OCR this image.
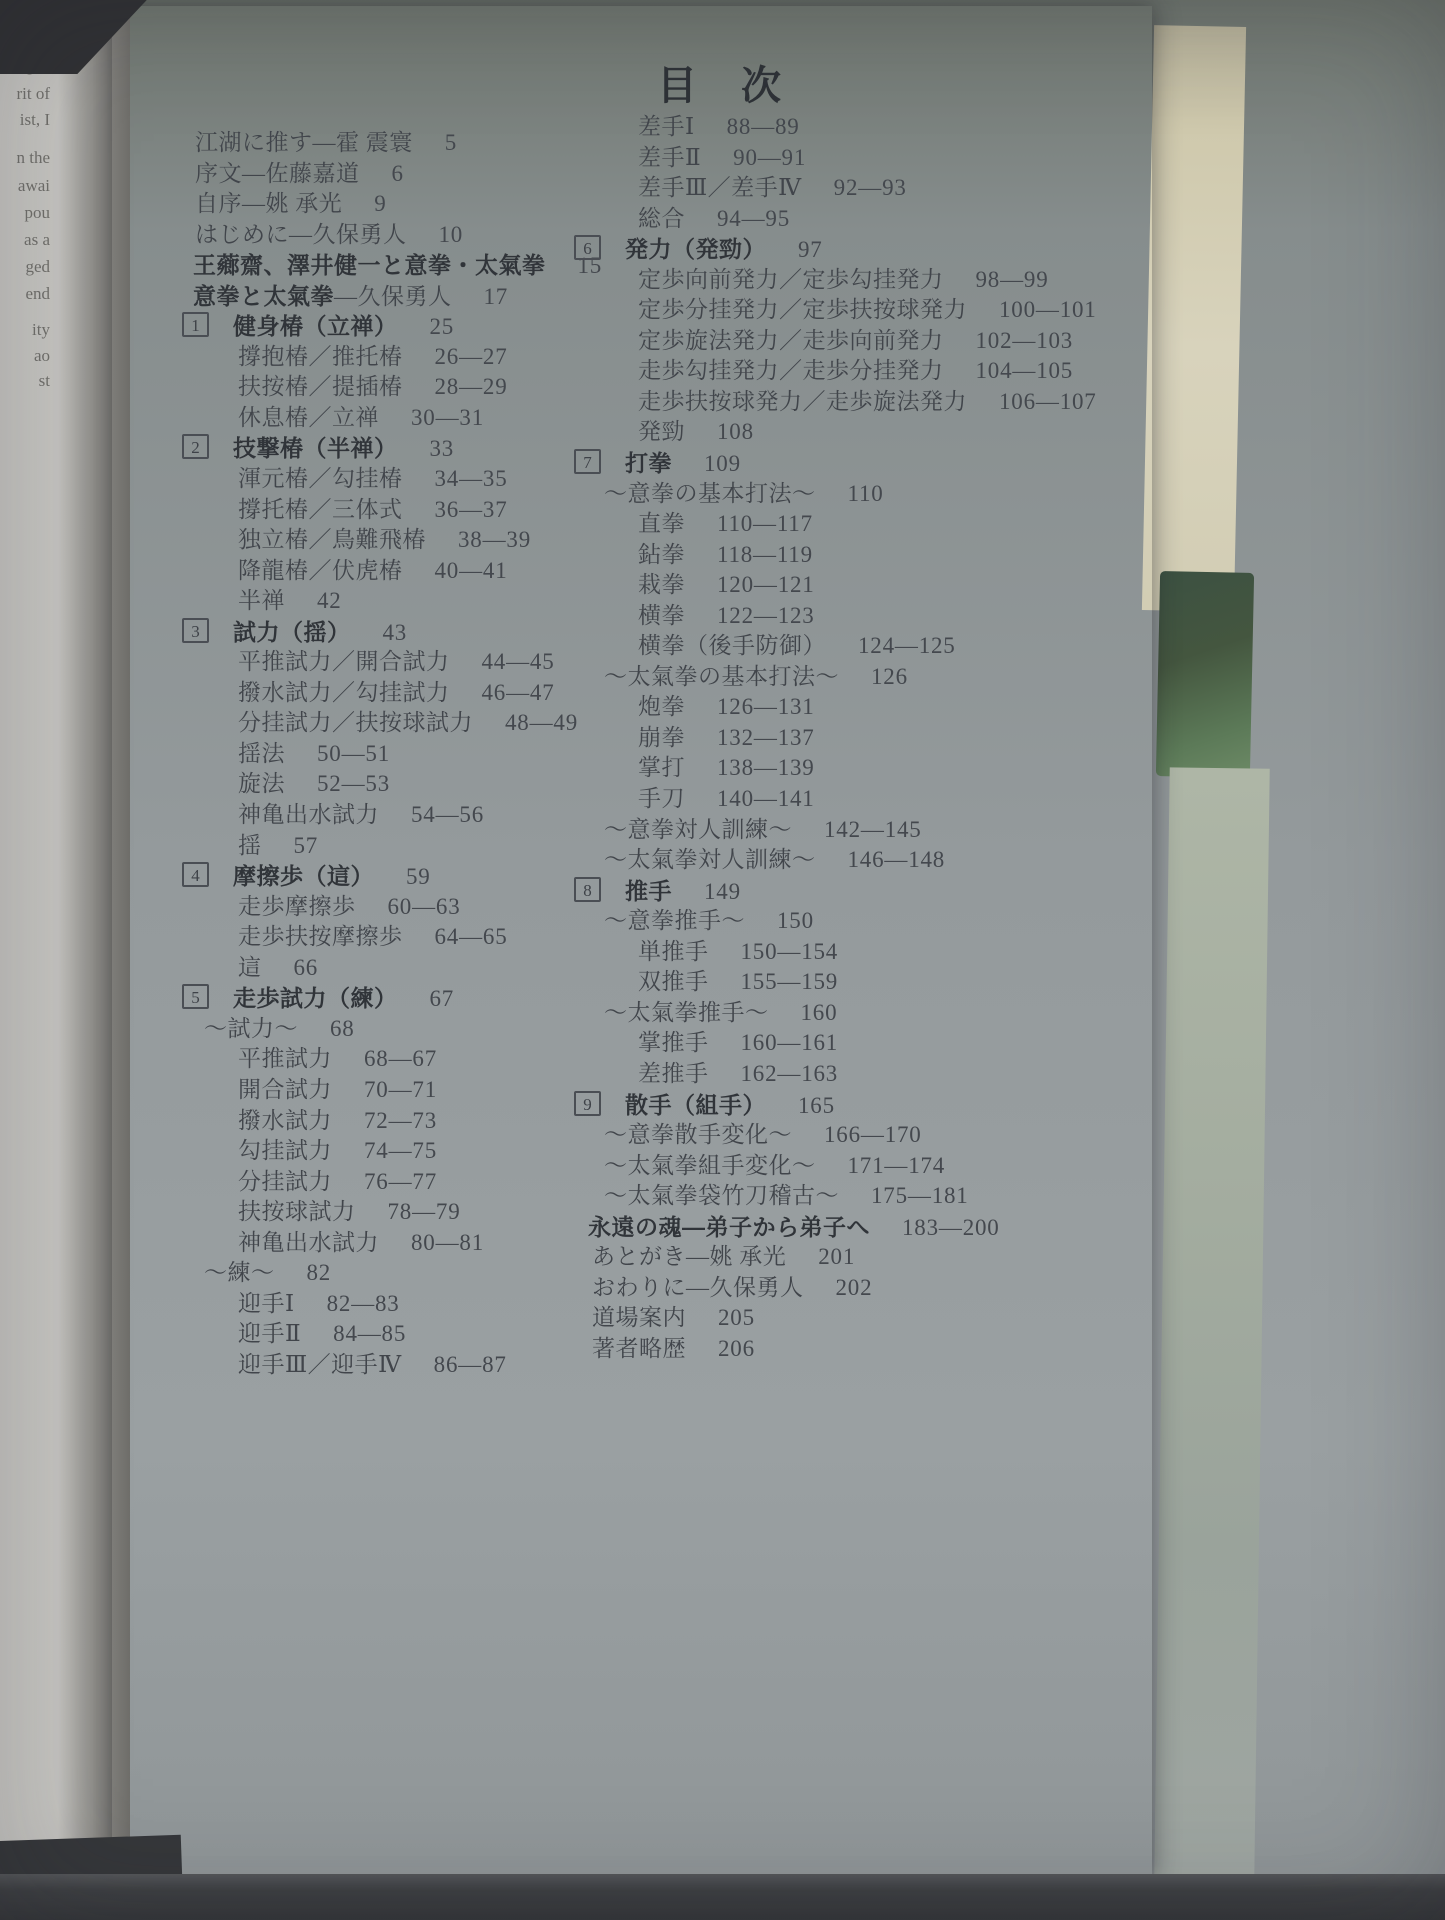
rit of
ist, I
n the
awai
pou
as a
ged
end
ity
ao
st
目　次
江湖に推す―霍 震寰 5
序文―佐藤嘉道 6
自序―姚 承光 9
はじめに―久保勇人 10
王薌齋、澤井健一と意拳・太氣拳 15
意拳と太氣拳―久保勇人 17
1 健身椿（立禅） 25
撐抱椿／推托椿 26―27
扶按椿／提插椿 28―29
休息椿／立禅 30―31
2 技撃椿（半禅） 33
渾元椿／勾挂椿 34―35
撐托椿／三体式 36―37
独立椿／鳥難飛椿 38―39
降龍椿／伏虎椿 40―41
半禅 42
3 試力（揺） 43
平推試力／開合試力 44―45
撥水試力／勾挂試力 46―47
分挂試力／扶按球試力 48―49
揺法 50―51
旋法 52―53
神亀出水試力 54―56
揺 57
4 摩擦歩（這） 59
走歩摩擦歩 60―63
走歩扶按摩擦歩 64―65
這 66
5 走歩試力（練） 67
～試力～ 68
平推試力 68―67
開合試力 70―71
撥水試力 72―73
勾挂試力 74―75
分挂試力 76―77
扶按球試力 78―79
神亀出水試力 80―81
～練～ 82
迎手Ⅰ 82―83
迎手Ⅱ 84―85
迎手Ⅲ／迎手Ⅳ 86―87
差手Ⅰ 88―89
差手Ⅱ 90―91
差手Ⅲ／差手Ⅳ 92―93
総合 94―95
6 発力（発勁） 97
定歩向前発力／定歩勾挂発力 98―99
定歩分挂発力／定歩扶按球発力 100―101
定歩旋法発力／走歩向前発力 102―103
走歩勾挂発力／走歩分挂発力 104―105
走歩扶按球発力／走歩旋法発力 106―107
発勁 108
7 打拳 109
～意拳の基本打法～ 110
直拳 110―117
鉆拳 118―119
栽拳 120―121
横拳 122―123
横拳（後手防御） 124―125
～太氣拳の基本打法～ 126
炮拳 126―131
崩拳 132―137
掌打 138―139
手刀 140―141
～意拳対人訓練～ 142―145
～太氣拳対人訓練～ 146―148
8 推手 149
～意拳推手～ 150
単推手 150―154
双推手 155―159
～太氣拳推手～ 160
掌推手 160―161
差推手 162―163
9 散手（組手） 165
～意拳散手変化～ 166―170
～太氣拳組手変化～ 171―174
～太氣拳袋竹刀稽古～ 175―181
永遠の魂―弟子から弟子へ 183―200
あとがき―姚 承光 201
おわりに―久保勇人 202
道場案内 205
著者略歴 206
